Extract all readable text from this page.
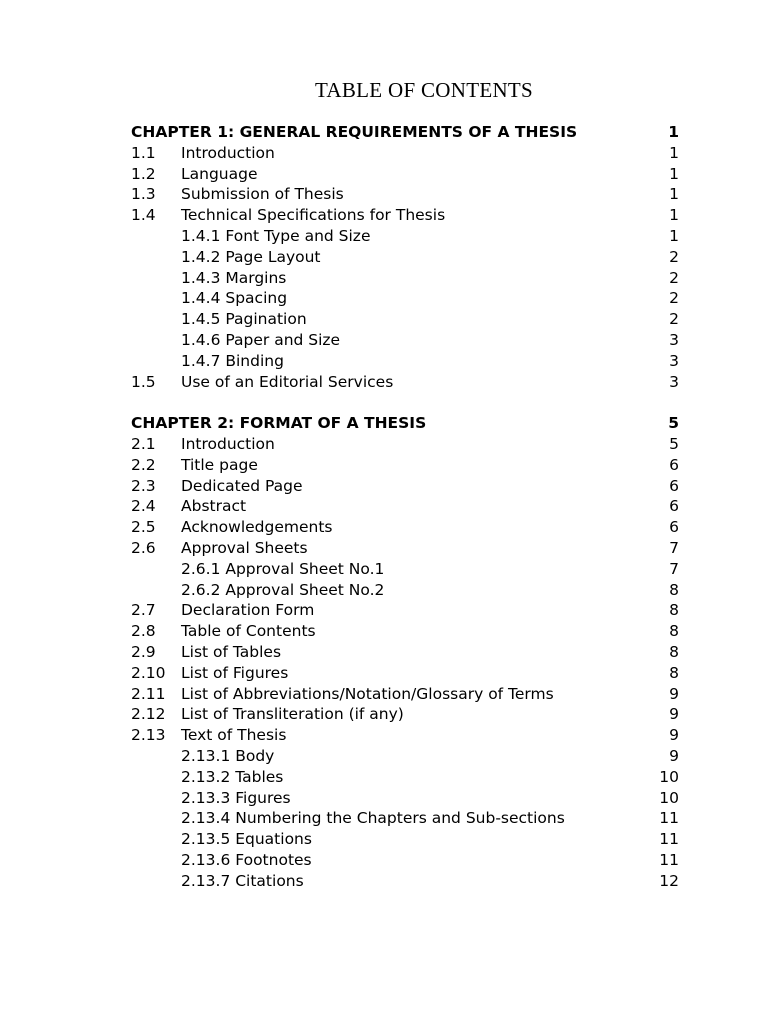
TABLE OF CONTENTS
CHAPTER 1: GENERAL REQUIREMENTS OF A THESIS	1
1.1 Introduction	1
1.2 Language	1
1.3 Submission of Thesis	1
1.4 Technical Specifications for Thesis	1
1.4.1 Font Type and Size	1
1.4.2 Page Layout	2
1.4.3 Margins	2
1.4.4 Spacing	2
1.4.5 Pagination	2
1.4.6 Paper and Size	3
1.4.7 Binding	3
1.5 Use of an Editorial Services	3
CHAPTER 2: FORMAT OF A THESIS	5
2.1 Introduction	5
2.2 Title page	6
2.3 Dedicated Page	6
2.4 Abstract	6
2.5 Acknowledgements	6
2.6 Approval Sheets	7
2.6.1 Approval Sheet No.1	7
2.6.2 Approval Sheet No.2	8
2.7 Declaration Form	8
2.8 Table of Contents	8
2.9 List of Tables	8
2.10 List of Figures	8
2.11 List of Abbreviations/Notation/Glossary of Terms	9
2.12 List of Transliteration (if any)	9
2.13 Text of Thesis	9
2.13.1 Body	9
2.13.2 Tables	10
2.13.3 Figures	10
2.13.4 Numbering the Chapters and Sub-sections	11
2.13.5 Equations	11
2.13.6 Footnotes	11
2.13.7 Citations	12
